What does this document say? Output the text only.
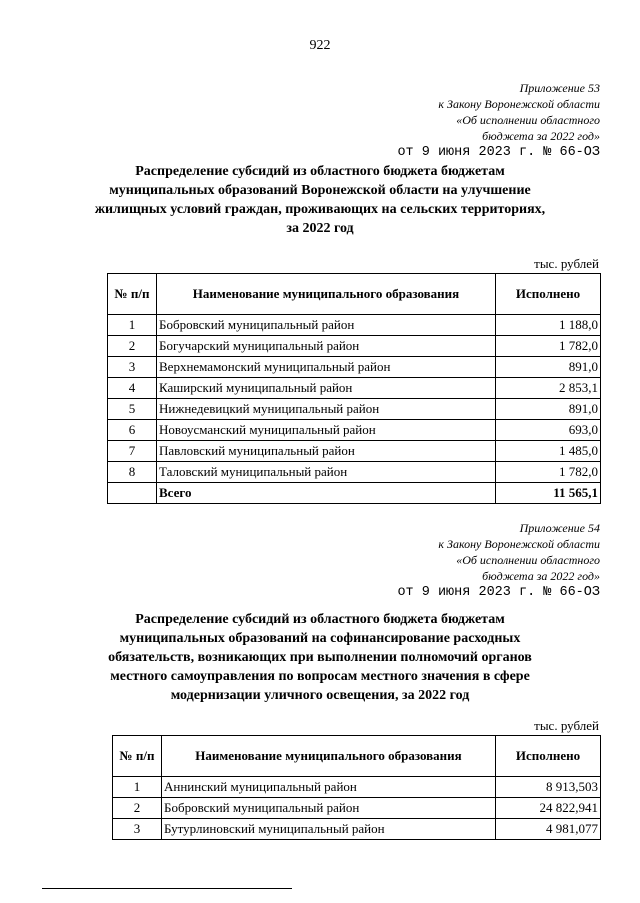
922
Приложение 53
к Закону Воронежской области
«Об исполнении областного
бюджета за 2022 год»
от 9 июня 2023 г. № 66-ОЗ
Распределение субсидий из областного бюджета бюджетам
муниципальных образований Воронежской области на улучшение
жилищных условий граждан, проживающих на сельских территориях,
за 2022 год
тыс. рублей
№ п/п	Наименование муниципального образования	Исполнено
1	Бобровский муниципальный район	1 188,0
2	Богучарский муниципальный район	1 782,0
3	Верхнемамонский муниципальный район	891,0
4	Каширский муниципальный район	2 853,1
5	Нижнедевицкий муниципальный район	891,0
6	Новоусманский муниципальный район	693,0
7	Павловский муниципальный район	1 485,0
8	Таловский муниципальный район	1 782,0
	Всего	11 565,1
Приложение 54
к Закону Воронежской области
«Об исполнении областного
бюджета за 2022 год»
от 9 июня 2023 г. № 66-ОЗ
Распределение субсидий из областного бюджета бюджетам
муниципальных образований на софинансирование расходных
обязательств, возникающих при выполнении полномочий органов
местного самоуправления по вопросам местного значения в сфере
модернизации уличного освещения, за 2022 год
тыс. рублей
№ п/п	Наименование муниципального образования	Исполнено
1	Аннинский муниципальный район	8 913,503
2	Бобровский муниципальный район	24 822,941
3	Бутурлиновский муниципальный район	4 981,077
